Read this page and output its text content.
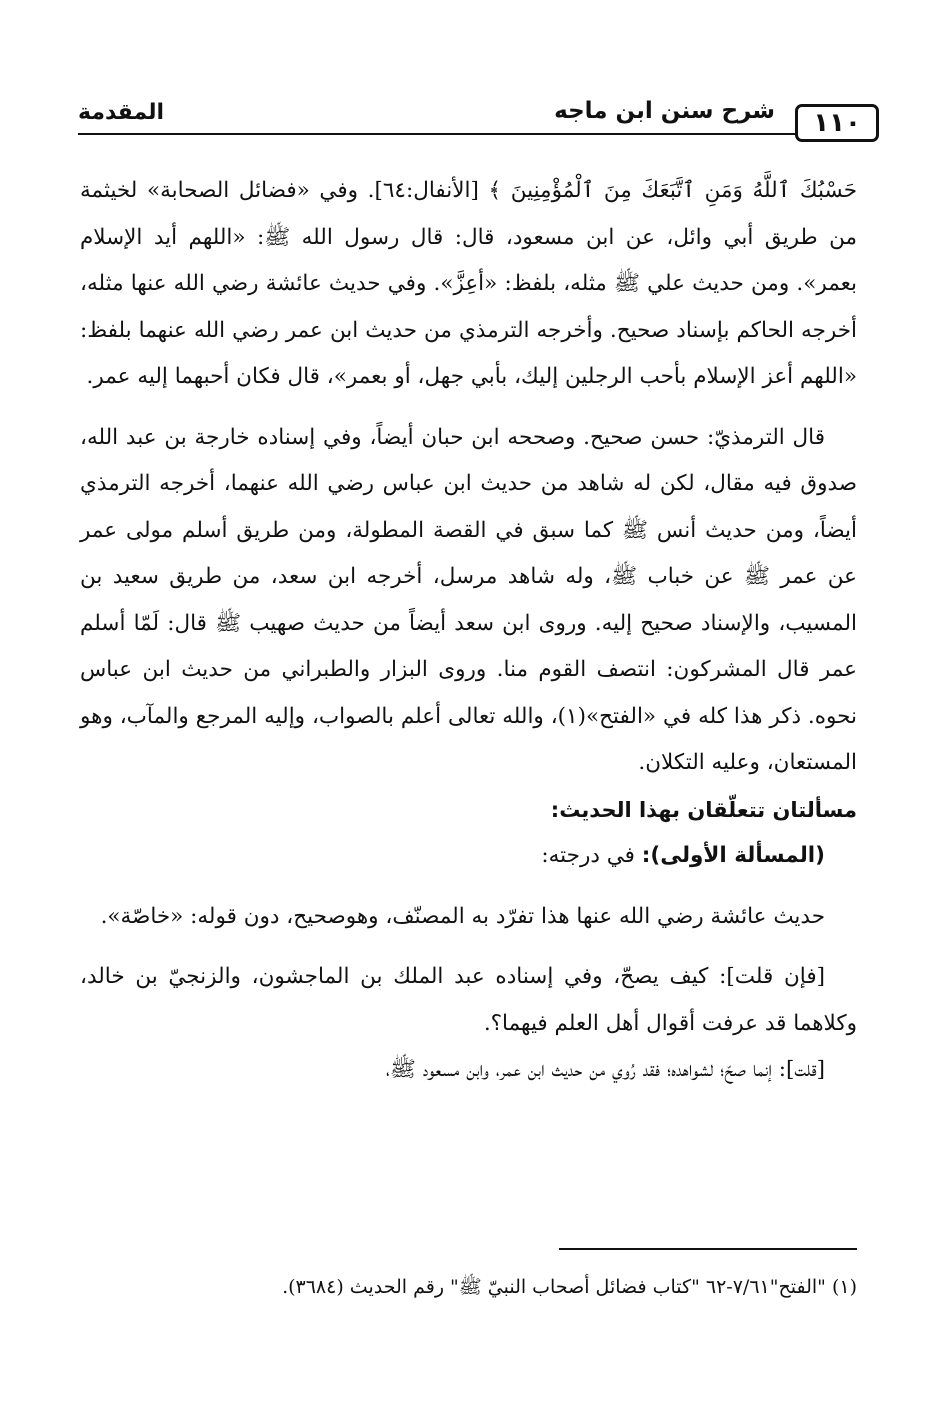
١١٠
شرح سنن ابن ماجه
المقدمة

حَسْبُكَ ٱللَّهُ وَمَنِ ٱتَّبَعَكَ مِنَ ٱلْمُؤْمِنِينَ ﴾ [الأنفال:٦٤]. وفي «فضائل الصحابة» لخيثمة من طريق أبي وائل، عن ابن مسعود، قال: قال رسول الله ﷺ: «اللهم أيد الإسلام بعمر». ومن حديث علي ﷺ مثله، بلفظ: «أعِزَّ». وفي حديث عائشة رضي الله عنها مثله، أخرجه الحاكم بإسناد صحيح. وأخرجه الترمذي من حديث ابن عمر رضي الله عنهما بلفظ: «اللهم أعز الإسلام بأحب الرجلين إليك، بأبي جهل، أو بعمر»، قال فكان أحبهما إليه عمر.

قال الترمذيّ: حسن صحيح. وصححه ابن حبان أيضاً، وفي إسناده خارجة بن عبد الله، صدوق فيه مقال، لكن له شاهد من حديث ابن عباس رضي الله عنهما، أخرجه الترمذي أيضاً، ومن حديث أنس ﷺ كما سبق في القصة المطولة، ومن طريق أسلم مولى عمر عن عمر ﷺ عن خباب ﷺ، وله شاهد مرسل، أخرجه ابن سعد، من طريق سعيد بن المسيب، والإسناد صحيح إليه. وروى ابن سعد أيضاً من حديث صهيب ﷺ قال: لَمّا أسلم عمر قال المشركون: انتصف القوم منا. وروى البزار والطبراني من حديث ابن عباس نحوه. ذكر هذا كله في «الفتح»(١)، والله تعالى أعلم بالصواب، وإليه المرجع والمآب، وهو المستعان، وعليه التكلان.

مسألتان تتعلّقان بهذا الحديث:

(المسألة الأولى): في درجته:

حديث عائشة رضي الله عنها هذا تفرّد به المصنّف، وهوصحيح، دون قوله: «خاصّة».

[فإن قلت]: كيف يصحّ، وفي إسناده عبد الملك بن الماجشون، والزنجيّ بن خالد، وكلاهما قد عرفت أقوال أهل العلم فيهما؟.

[قلت]: إنما صحّ؛ لشواهده؛ فقد رُوي من حديث ابن عمر، وابن مسعود ﷺ،

(١) "الفتح"٧/٦١-٦٢ "كتاب فضائل أصحاب النبيّ ﷺ" رقم الحديث (٣٦٨٤).
